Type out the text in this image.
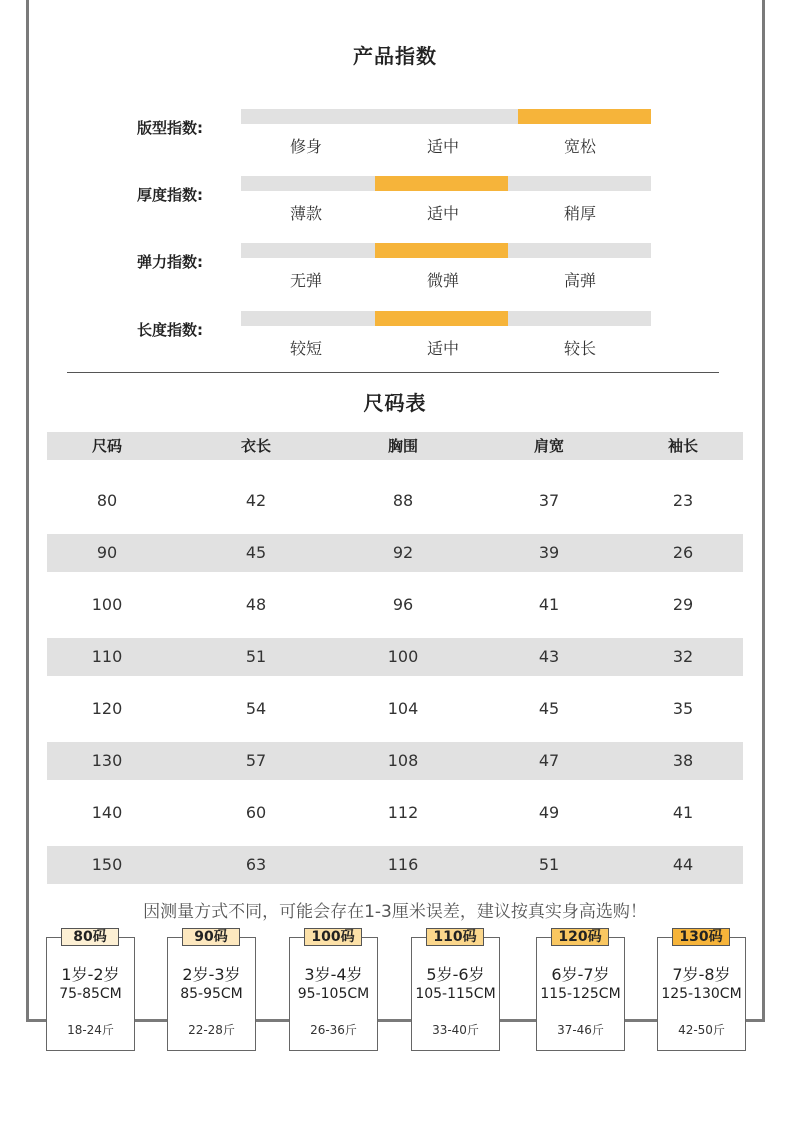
产品指数
版型指数:
修身	适中	宽松
厚度指数:
薄款	适中	稍厚
弹力指数:
无弹	微弹	高弹
长度指数:
较短	适中	较长
尺码表
尺码	衣长	胸围	肩宽	袖长
80	42	88	37	23
90	45	92	39	26
100	48	96	41	29
110	51	100	43	32
120	54	104	45	35
130	57	108	47	38
140	60	112	49	41
150	63	116	51	44
因测量方式不同，可能会存在1-3厘米误差，建议按真实身高选购！
80码
1岁-2岁
75-85CM
18-24斤
90码
2岁-3岁
85-95CM
22-28斤
100码
3岁-4岁
95-105CM
26-36斤
110码
5岁-6岁
105-115CM
33-40斤
120码
6岁-7岁
115-125CM
37-46斤
130码
7岁-8岁
125-130CM
42-50斤
